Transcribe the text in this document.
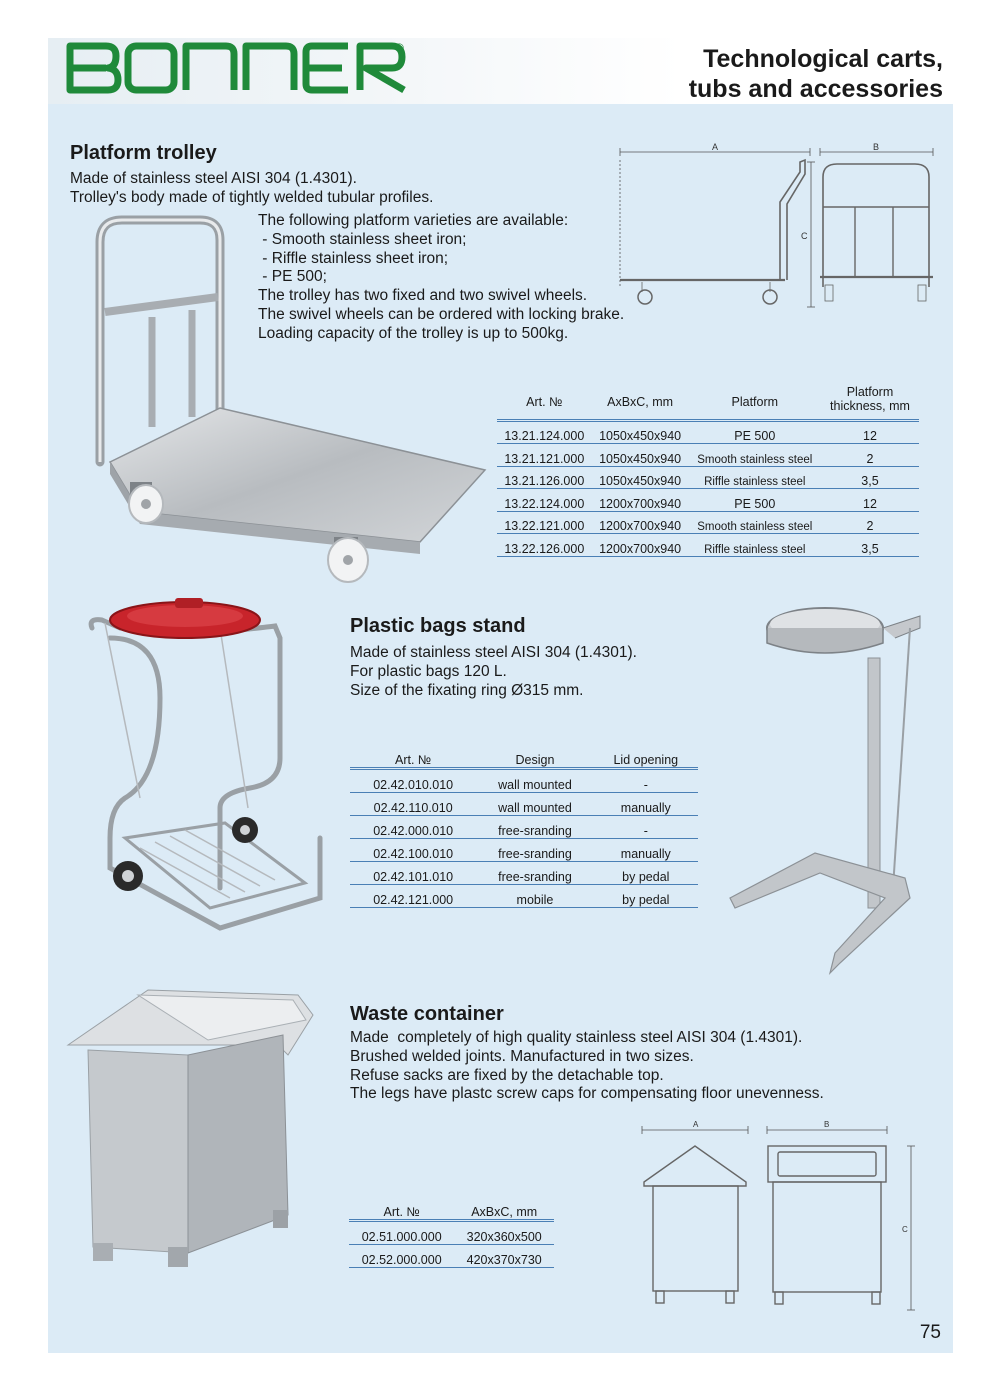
®	Technological carts,
tubs and accessories
Platform trolley
Made of stainless steel AISI 304 (1.4301).
Trolley's body made of tightly welded tubular profiles.
The following platform varieties are available:
- Smooth stainless sheet iron;
- Riffle stainless sheet iron;
- PE 500;
The trolley has two fixed and two swivel wheels.
The swivel wheels can be ordered with locking brake.
Loading capacity of the trolley is up to 500kg.
A	B
C
Art. №	AxBxC, mm	Platform	Platform thickness, mm
13.21.124.000	1050x450x940	PE 500	12
13.21.121.000	1050x450x940	Smooth stainless steel	2
13.21.126.000	1050x450x940	Riffle stainless steel	3,5
13.22.124.000	1200x700x940	PE 500	12
13.22.121.000	1200x700x940	Smooth stainless steel	2
13.22.126.000	1200x700x940	Riffle stainless steel	3,5
Plastic bags stand
Made of stainless steel AISI 304 (1.4301).
For plastic bags 120 L.
Size of the fixating ring Ø315 mm.
Art. №	Design	Lid opening
02.42.010.010	wall mounted	-
02.42.110.010	wall mounted	manually
02.42.000.010	free-sranding	-
02.42.100.010	free-sranding	manually
02.42.101.010	free-sranding	by pedal
02.42.121.000	mobile	by pedal
Waste container
Made  completely of high quality stainless steel AISI 304 (1.4301).
Brushed welded joints. Manufactured in two sizes.
Refuse sacks are fixed by the detachable top.
The legs have plastc screw caps for compensating floor unevenness.
Art. №	AxBxC, mm
02.51.000.000	320x360x500
02.52.000.000	420x370x730
A	B
C
75
